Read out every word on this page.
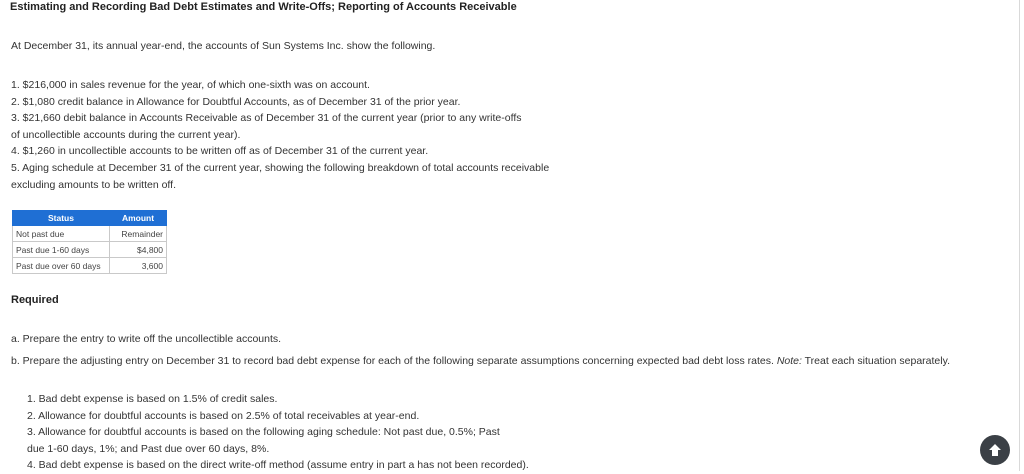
Estimating and Recording Bad Debt Estimates and Write-Offs; Reporting of Accounts Receivable
At December 31, its annual year-end, the accounts of Sun Systems Inc. show the following.
1. $216,000 in sales revenue for the year, of which one-sixth was on account.
2. $1,080 credit balance in Allowance for Doubtful Accounts, as of December 31 of the prior year.
3. $21,660 debit balance in Accounts Receivable as of December 31 of the current year (prior to any write-offs
of uncollectible accounts during the current year).
4. $1,260 in uncollectible accounts to be written off as of December 31 of the current year.
5. Aging schedule at December 31 of the current year, showing the following breakdown of total accounts receivable
excluding amounts to be written off.
Status	Amount
Not past due	Remainder
Past due 1-60 days	$4,800
Past due over 60 days	3,600
Required
a. Prepare the entry to write off the uncollectible accounts.
b. Prepare the adjusting entry on December 31 to record bad debt expense for each of the following separate assumptions concerning expected bad debt loss rates. Note: Treat each situation separately.
1. Bad debt expense is based on 1.5% of credit sales.
2. Allowance for doubtful accounts is based on 2.5% of total receivables at year-end.
3. Allowance for doubtful accounts is based on the following aging schedule: Not past due, 0.5%; Past
due 1-60 days, 1%; and Past due over 60 days, 8%.
4. Bad debt expense is based on the direct write-off method (assume entry in part a has not been recorded).
